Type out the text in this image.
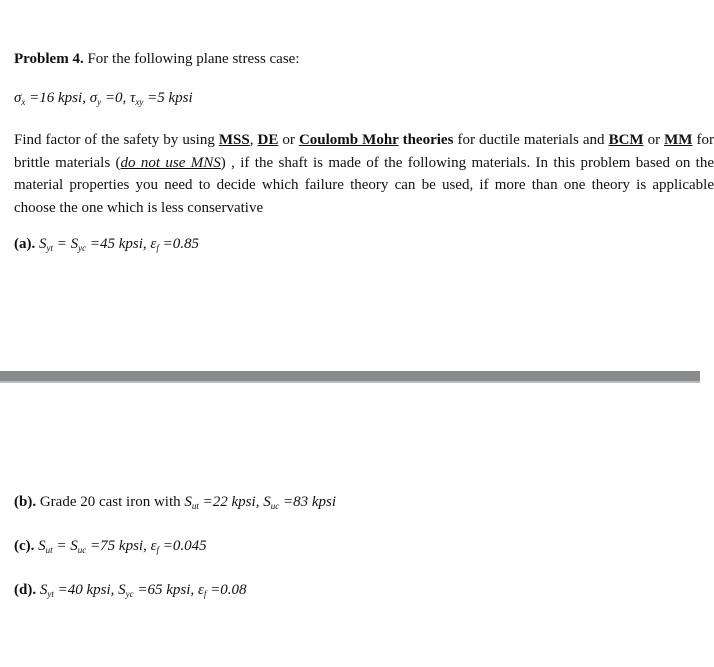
Problem 4. For the following plane stress case:
$\sigma_x =16$ kpsi, $\sigma_y =0$, $\tau_{xy} =5$ kpsi
Find factor of the safety by using MSS, DE or Coulomb Mohr theories for ductile materials and BCM or MM for brittle materials (do not use MNS) , if the shaft is made of the following materials. In this problem based on the material properties you need to decide which failure theory can be used, if more than one theory is applicable choose the one which is less conservative
(a). $S_{yt} = S_{yc} =45$ kpsi, $\varepsilon_f =0.85$
(b). Grade 20 cast iron with $S_{ut} =22$ kpsi, $S_{uc} =83$ kpsi
(c). $S_{ut} = S_{uc} =75$ kpsi, $\varepsilon_f =0.045$
(d). $S_{yt} =40$ kpsi, $S_{yc} =65$ kpsi, $\varepsilon_f =0.08$
